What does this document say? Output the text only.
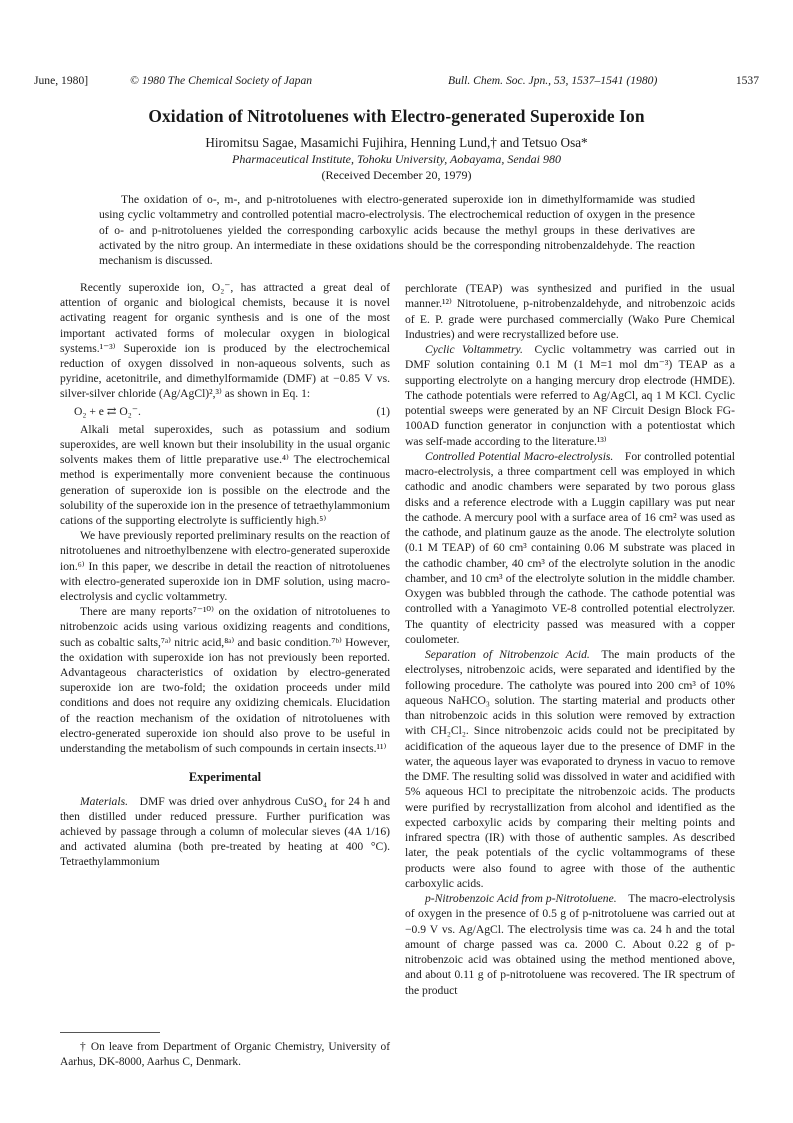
June, 1980]	© 1980 The Chemical Society of Japan	Bull. Chem. Soc. Jpn., 53, 1537–1541 (1980)	1537
Oxidation of Nitrotoluenes with Electro-generated Superoxide Ion
Hiromitsu Sagae, Masamichi Fujihira, Henning Lund,† and Tetsuo Osa*
Pharmaceutical Institute, Tohoku University, Aobayama, Sendai 980
(Received December 20, 1979)

The oxidation of o-, m-, and p-nitrotoluenes with electro-generated superoxide ion in dimethylformamide was studied using cyclic voltammetry and controlled potential macro-electrolysis. The electrochemical reduction of oxygen in the presence of o- and p-nitrotoluenes yielded the corresponding carboxylic acids because the methyl groups in these derivatives are activated by the nitro group. An intermediate in these oxidations should be the corresponding nitrobenzaldehyde. The reaction mechanism is discussed.

Recently superoxide ion, O₂⁻, has attracted a great deal of attention of organic and biological chemists, because it is novel activating reagent for organic synthesis and is one of the most important activated forms of molecular oxygen in biological systems.¹⁻³⁾ Superoxide ion is produced by the electrochemical reduction of oxygen dissolved in non-aqueous solvents, such as pyridine, acetonitrile, and dimethylformamide (DMF) at −0.85 V vs. silver-silver chloride (Ag/AgCl)²,³⁾ as shown in Eq. 1:

O₂ + e ⇄ O₂⁻.	(1)

Alkali metal superoxides, such as potassium and sodium superoxides, are well known but their insolubility in the usual organic solvents makes them of little preparative use.⁴⁾ The electrochemical method is experimentally more convenient because the continuous generation of superoxide ion is possible on the electrode and the solubility of the superoxide ion in the presence of tetraethylammonium cations of the supporting electrolyte is sufficiently high.⁵⁾

We have previously reported preliminary results on the reaction of nitrotoluenes and nitroethylbenzene with electro-generated superoxide ion.⁶⁾ In this paper, we describe in detail the reaction of nitrotoluenes with electro-generated superoxide ion in DMF solution, using macro-electrolysis and cyclic voltammetry.

There are many reports⁷⁻¹⁰⁾ on the oxidation of nitrotoluenes to nitrobenzoic acids using various oxidizing reagents and conditions, such as cobaltic salts,⁷ᵃ⁾ nitric acid,⁸ᵃ⁾ and basic condition.⁷ᵇ⁾ However, the oxidation with superoxide ion has not previously been reported. Advantageous characteristics of oxidation by electro-generated superoxide ion are two-fold; the oxidation proceeds under mild conditions and does not require any oxidizing chemicals. Elucidation of the reaction mechanism of the oxidation of nitrotoluenes with electro-generated superoxide ion should also prove to be useful in understanding the metabolism of such compounds in certain insects.¹¹⁾

Experimental

Materials.  DMF was dried over anhydrous CuSO₄ for 24 h and then distilled under reduced pressure. Further purification was achieved by passage through a column of molecular sieves (4A 1/16) and activated alumina (both pre-treated by heating at 400 °C). Tetraethylammonium

perchlorate (TEAP) was synthesized and purified in the usual manner.¹²⁾ Nitrotoluene, p-nitrobenzaldehyde, and nitrobenzoic acids of E. P. grade were purchased commercially (Wako Pure Chemical Industries) and were recrystallized before use.

Cyclic Voltammetry.  Cyclic voltammetry was carried out in DMF solution containing 0.1 M (1 M=1 mol dm⁻³) TEAP as a supporting electrolyte on a hanging mercury drop electrode (HMDE). The cathode potentials were referred to Ag/AgCl, aq 1 M KCl. Cyclic potential sweeps were generated by an NF Circuit Design Block FG-100AD function generator in conjunction with a potentiostat which was self-made according to the literature.¹³⁾

Controlled Potential Macro-electrolysis.  For controlled potential macro-electrolysis, a three compartment cell was employed in which cathodic and anodic chambers were separated by two porous glass disks and a reference electrode with a Luggin capillary was put near the cathode. A mercury pool with a surface area of 16 cm² was used as the cathode, and platinum gauze as the anode. The electrolyte solution (0.1 M TEAP) of 60 cm³ containing 0.06 M substrate was placed in the cathodic chamber, 40 cm³ of the electrolyte solution in the anodic chamber, and 10 cm³ of the electrolyte solution in the middle chamber. Oxygen was bubbled through the cathode. The cathode potential was controlled with a Yanagimoto VE-8 controlled potential electrolyzer. The quantity of electricity passed was measured with a copper coulometer.

Separation of Nitrobenzoic Acid.  The main products of the electrolyses, nitrobenzoic acids, were separated and identified by the following procedure. The catholyte was poured into 200 cm³ of 10% aqueous NaHCO₃ solution. The starting material and products other than nitrobenzoic acids in this solution were removed by extraction with CH₂Cl₂. Since nitrobenzoic acids could not be precipitated by acidification of the aqueous layer due to the presence of DMF in the water, the aqueous layer was evaporated to dryness in vacuo to remove the DMF. The resulting solid was dissolved in water and acidified with 5% aqueous HCl to precipitate the nitrobenzoic acids. The products were purified by recrystallization from alcohol and identified as the expected carboxylic acids by comparing their melting points and infrared spectra (IR) with those of authentic samples. As described later, the peak potentials of the cyclic voltammograms of these products were also found to agree with those of the authentic carboxylic acids.

p-Nitrobenzoic Acid from p-Nitrotoluene.  The macro-electrolysis of oxygen in the presence of 0.5 g of p-nitrotoluene was carried out at −0.9 V vs. Ag/AgCl. The electrolysis time was ca. 24 h and the total amount of charge passed was ca. 2000 C. About 0.22 g of p-nitrobenzoic acid was obtained using the method mentioned above, and about 0.11 g of p-nitrotoluene was recovered. The IR spectrum of the product

† On leave from Department of Organic Chemistry, University of Aarhus, DK-8000, Aarhus C, Denmark.
